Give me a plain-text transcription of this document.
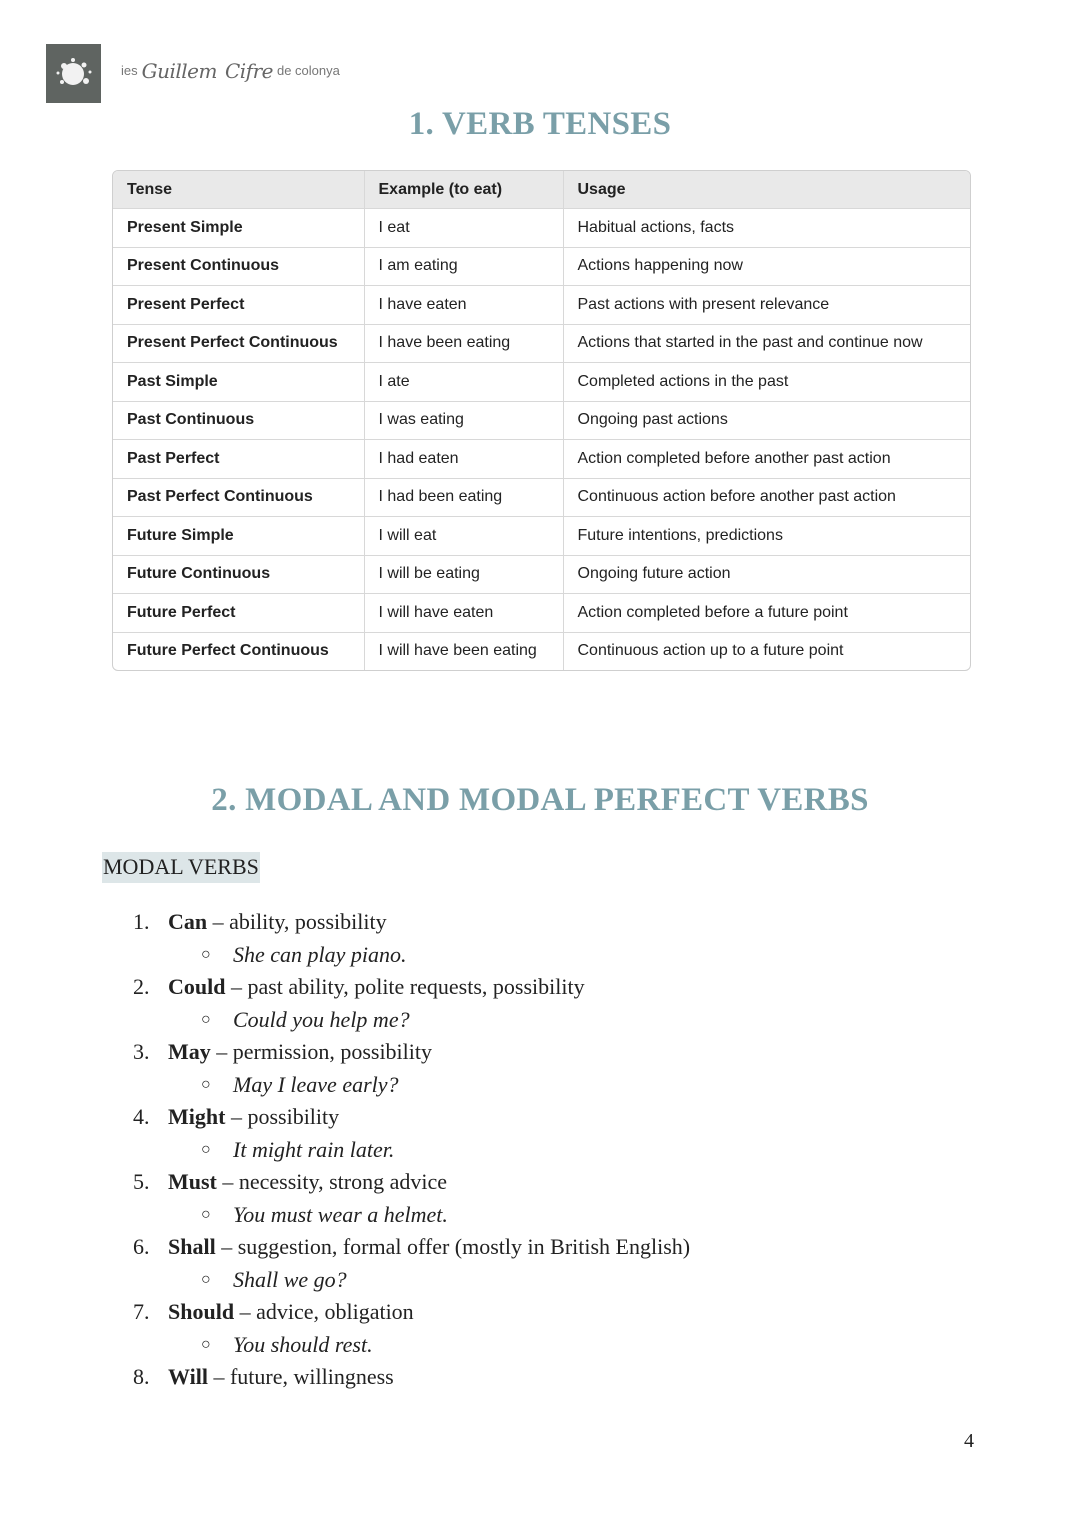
ies Guillem Cifre de colonya
1. VERB TENSES
Tense	Example (to eat)	Usage
Present Simple	I eat	Habitual actions, facts
Present Continuous	I am eating	Actions happening now
Present Perfect	I have eaten	Past actions with present relevance
Present Perfect Continuous	I have been eating	Actions that started in the past and continue now
Past Simple	I ate	Completed actions in the past
Past Continuous	I was eating	Ongoing past actions
Past Perfect	I had eaten	Action completed before another past action
Past Perfect Continuous	I had been eating	Continuous action before another past action
Future Simple	I will eat	Future intentions, predictions
Future Continuous	I will be eating	Ongoing future action
Future Perfect	I will have eaten	Action completed before a future point
Future Perfect Continuous	I will have been eating	Continuous action up to a future point
2. MODAL AND MODAL PERFECT VERBS
MODAL VERBS
1. Can – ability, possibility
○	She can play piano.
2. Could – past ability, polite requests, possibility
○	Could you help me?
3. May – permission, possibility
○	May I leave early?
4. Might – possibility
○	It might rain later.
5. Must – necessity, strong advice
○	You must wear a helmet.
6. Shall – suggestion, formal offer (mostly in British English)
○	Shall we go?
7. Should – advice, obligation
○	You should rest.
8. Will – future, willingness
4
